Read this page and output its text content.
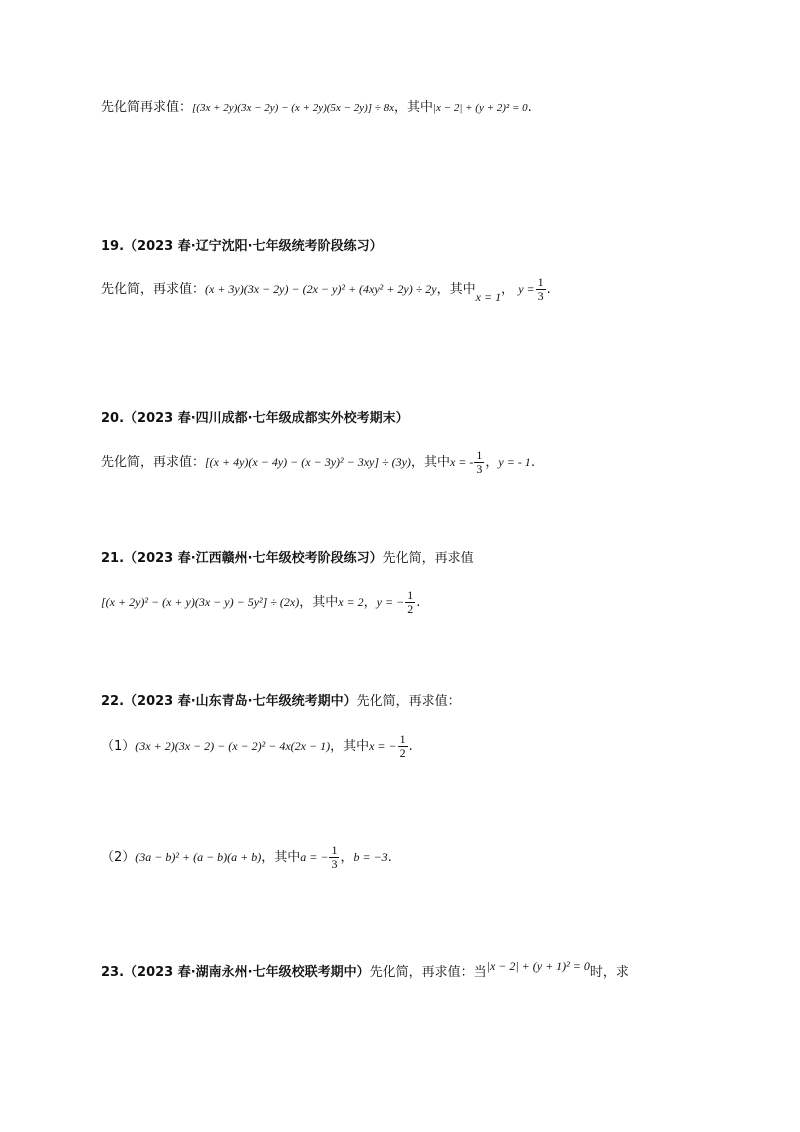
先化简再求值：[(3x + 2y)(3x − 2y) − (x + 2y)(5x − 2y)] ÷ 8x，其中|x − 2| + (y + 2)² = 0.
19.（2023 春·辽宁沈阳·七年级统考阶段练习）
先化简，再求值：(x + 3y)(3x − 2y) − (2x − y)² + (4xy² + 2y) ÷ 2y，其中x = 1， $y = \frac{1}{3}$ .
20.（2023 春·四川成都·七年级成都实外校考期末）
先化简，再求值：[(x + 4y)(x − 4y) − (x − 3y)² − 3xy] ÷ (3y)，其中x = - $\frac{1}{3}$ ，y = - 1.
21.（2023 春·江西赣州·七年级校考阶段练习）先化简，再求值
[(x + 2y)² − (x + y)(3x − y) − 5y²] ÷ (2x)，其中x = 2，y = − $\frac{1}{2}$ .
22.（2023 春·山东青岛·七年级统考期中）先化简，再求值：
（1）(3x + 2)(3x − 2) − (x − 2)² − 4x(2x − 1)，其中x = − $\frac{1}{2}$ .
（2）(3a − b)² + (a − b)(a + b)，其中a = − $\frac{1}{3}$ ，b = −3.
23.（2023 春·湖南永州·七年级校联考期中）先化简，再求值：当|x − 2| + (y + 1)² = 0时，求
